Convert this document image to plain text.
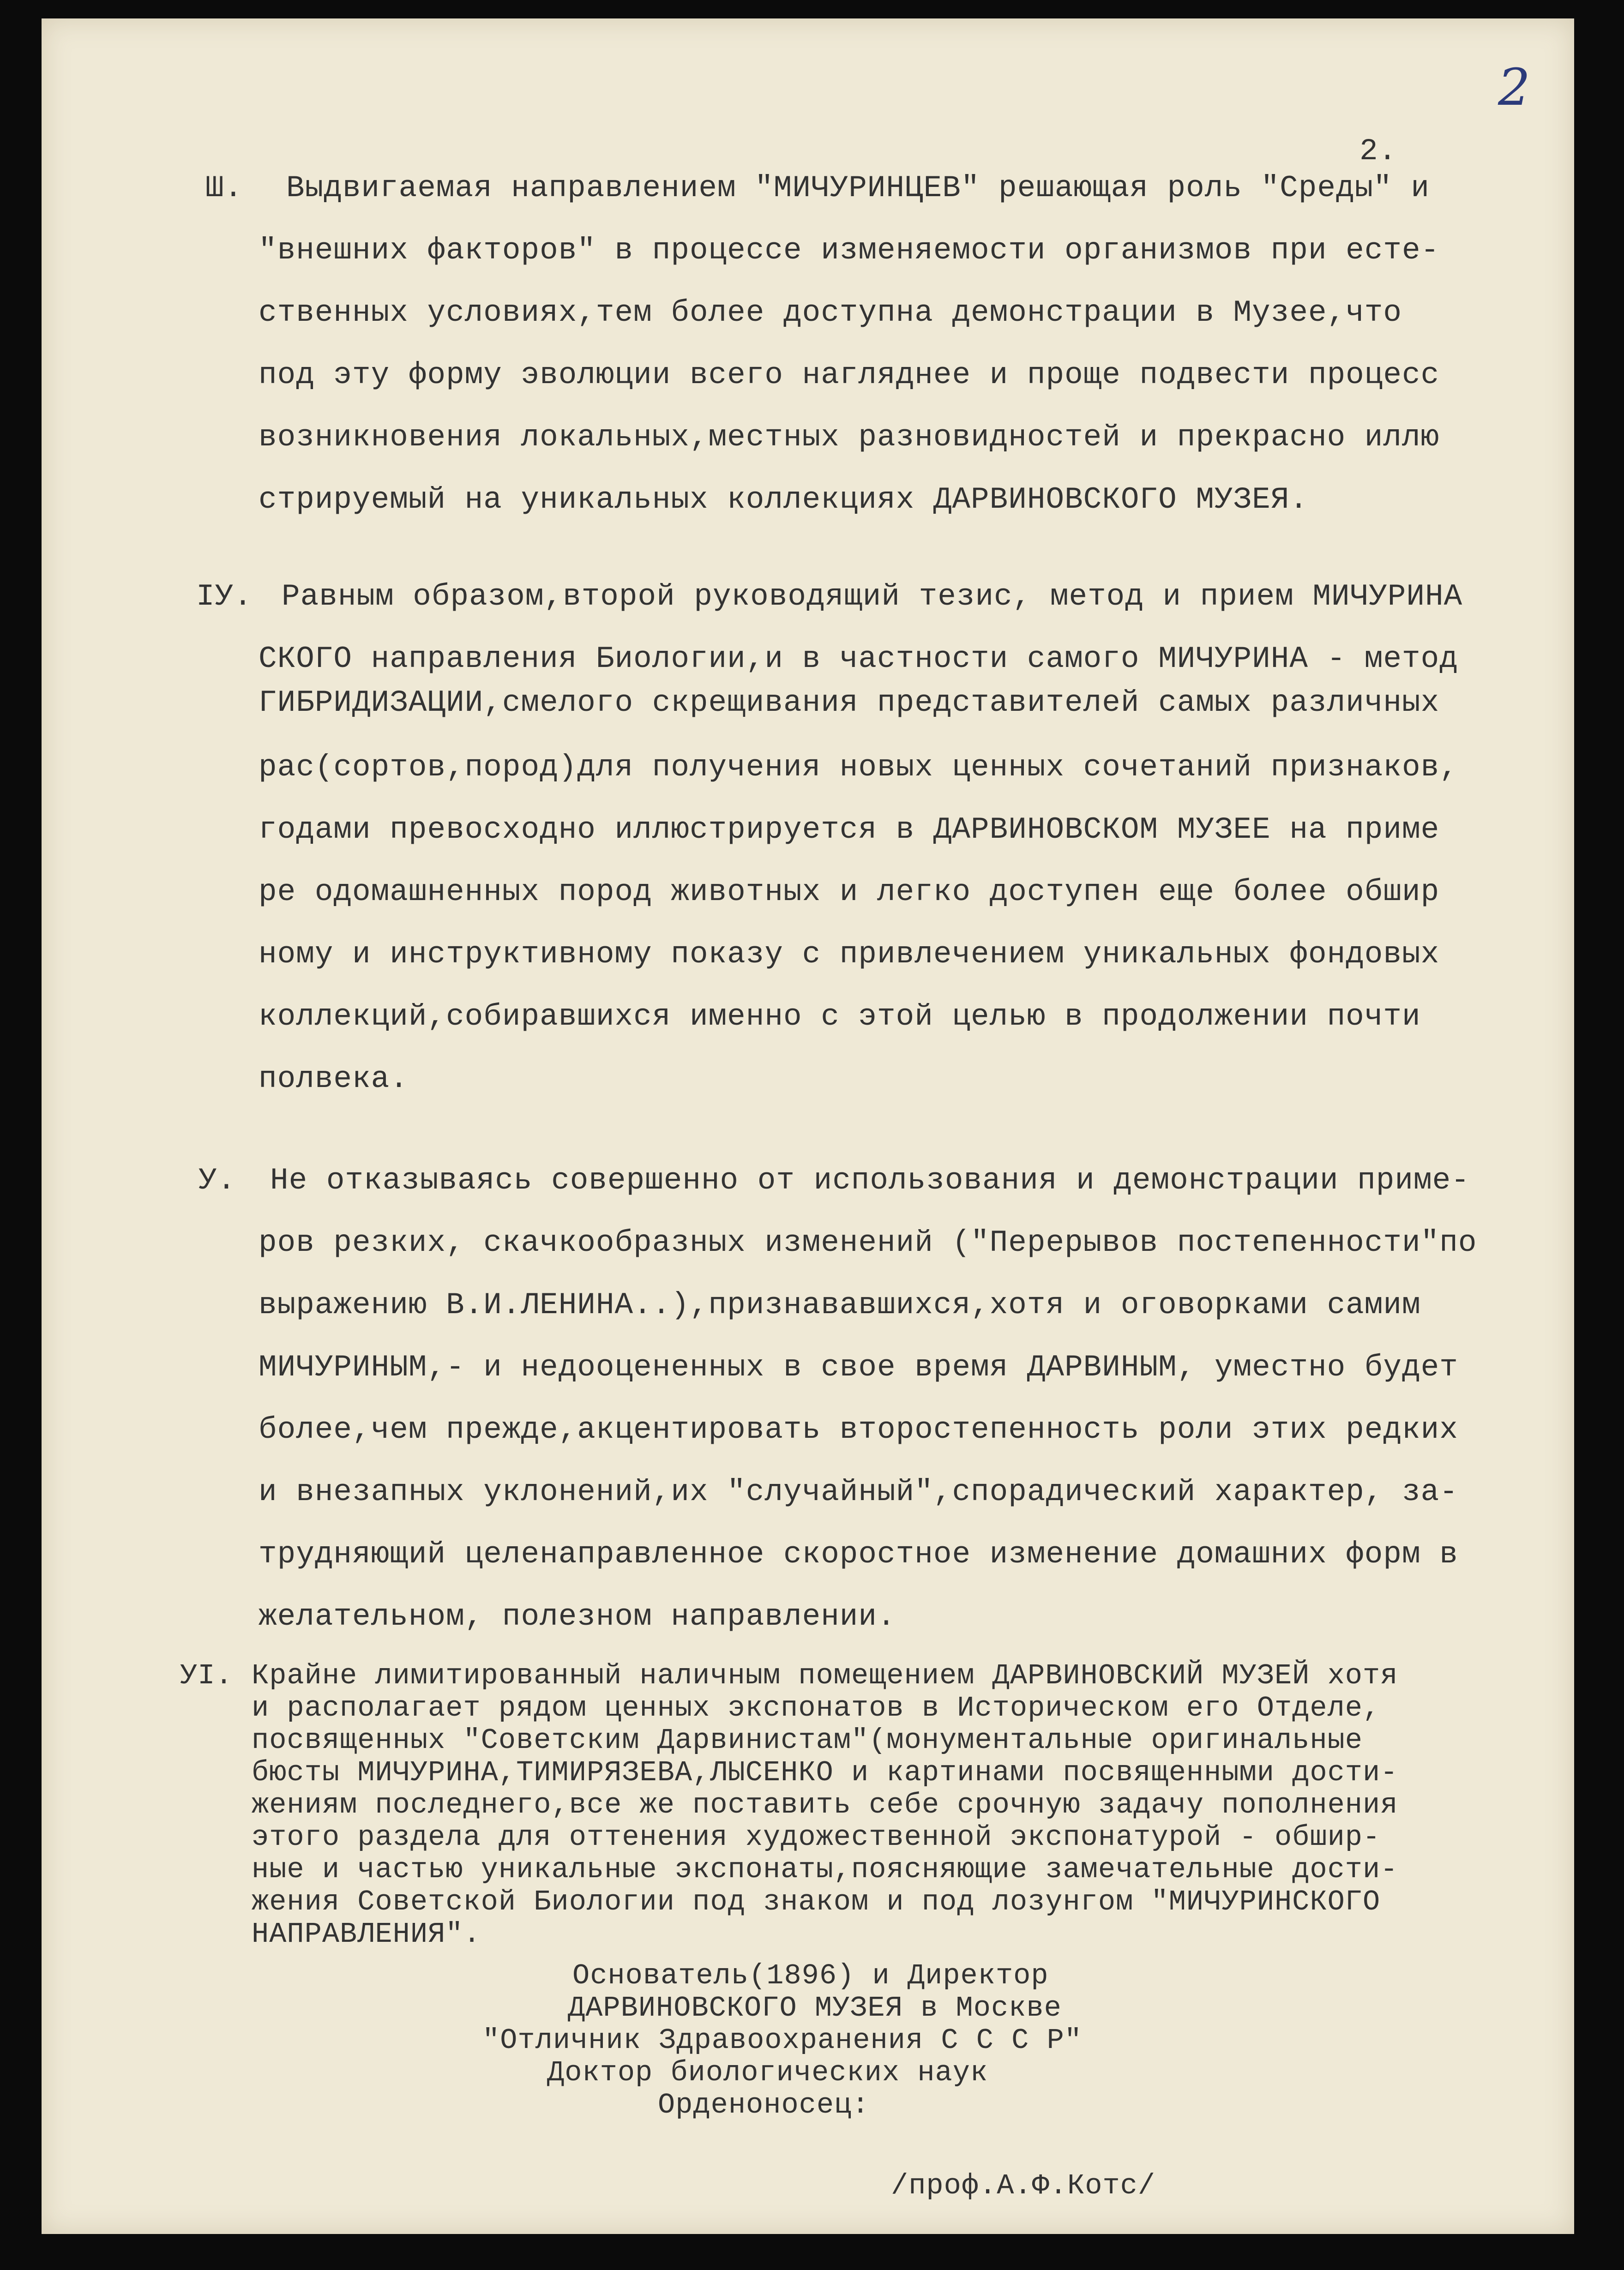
2
2.
Ш. Выдвигаемая направлением "МИЧУРИНЦЕВ" решающая роль "Среды" и
"внешних факторов" в процессе изменяемости организмов при есте-
ственных условиях,тем более доступна демонстрации в Музее,что
под эту форму эволюции всего нагляднее и проще подвести процесс
возникновения локальных,местных разновидностей и прекрасно иллю
стрируемый на уникальных коллекциях ДАРВИНОВСКОГО МУЗЕЯ.
IУ. Равным образом,второй руководящий тезис, метод и прием МИЧУРИНА
СКОГО направления Биологии,и в частности самого МИЧУРИНА - метод
ГИБРИДИЗАЦИИ,смелого скрещивания представителей самых различных
рас(сортов,пород)для получения новых ценных сочетаний признаков,
годами превосходно иллюстрируется в ДАРВИНОВСКОМ МУЗЕЕ на приме
ре одомашненных пород животных и легко доступен еще более обшир
ному и инструктивному показу с привлечением уникальных фондовых
коллекций,собиравшихся именно с этой целью в продолжении почти
полвека.
У. Не отказываясь совершенно от использования и демонстрации приме-
ров резких, скачкообразных изменений ("Перерывов постепенности"по
выражению В.И.ЛЕНИНА..),признававшихся,хотя и оговорками самим
МИЧУРИНЫМ,- и недооцененных в свое время ДАРВИНЫМ, уместно будет
более,чем прежде,акцентировать второстепенность роли этих редких
и внезапных уклонений,их "случайный",спорадический характер, за-
трудняющий целенаправленное скоростное изменение домашних форм в
желательном, полезном направлении.
УI. Крайне лимитированный наличным помещением ДАРВИНОВСКИЙ МУЗЕЙ хотя
и располагает рядом ценных экспонатов в Историческом его Отделе,
посвященных "Советским Дарвинистам"(монументальные оригинальные
бюсты МИЧУРИНА,ТИМИРЯЗЕВА,ЛЫСЕНКО и картинами посвященными дости-
жениям последнего,все же поставить себе срочную задачу пополнения
этого раздела для оттенения художественной экспонатурой - обшир-
ные и частью уникальные экспонаты,поясняющие замечательные дости-
жения Советской Биологии под знаком и под лозунгом "МИЧУРИНСКОГО
НАПРАВЛЕНИЯ".
Основатель(1896) и Директор
ДАРВИНОВСКОГО МУЗЕЯ в Москве
"Отличник Здравоохранения С С С Р"
Доктор биологических наук
Орденоносец:
/проф.А.Ф.Котс/
